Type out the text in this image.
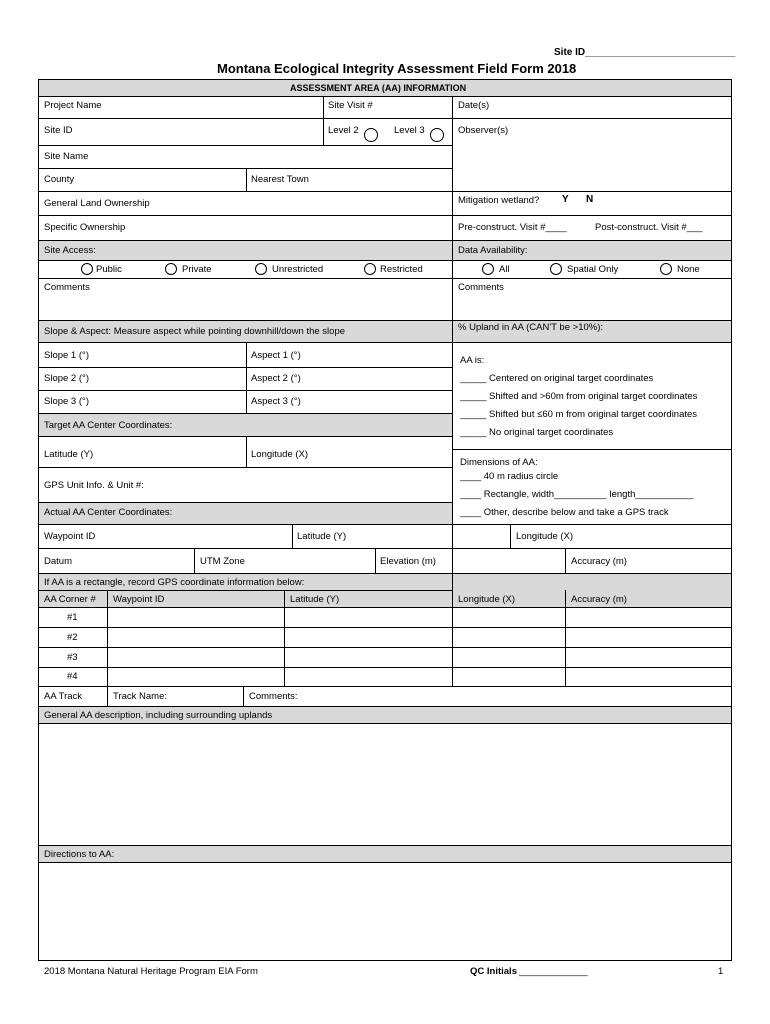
Site ID___________________________
Montana Ecological Integrity Assessment Field Form 2018
ASSESSMENT AREA (AA) INFORMATION
Project Name	Site Visit #	Date(s)
Site ID	Level 2	Level 3	Observer(s)
Site Name
County	Nearest Town
General Land Ownership	Mitigation wetland? Y N
Specific Ownership	Pre-construct. Visit #____	Post-construct. Visit #___
Site Access:	Data Availability:
Public	Private	Unrestricted	Restricted	All	Spatial Only	None
Comments	Comments
Slope & Aspect: Measure aspect while pointing downhill/down the slope	% Upland in AA (CAN'T be >10%):
Slope 1 (°)	Aspect 1 (°)
Slope 2 (°)	Aspect 2 (°)
Slope 3 (°)	Aspect 3 (°)
AA is:
_____ Centered on original target coordinates
_____ Shifted and >60m from original target coordinates
_____ Shifted but ≤60 m from original target coordinates
_____ No original target coordinates
Target AA Center Coordinates:
Latitude (Y)	Longitude (X)
Dimensions of AA:
____ 40 m radius circle
____ Rectangle, width__________ length___________
____ Other, describe below and take a GPS track
GPS Unit Info. & Unit #:
Actual AA Center Coordinates:
Waypoint ID	Latitude (Y)	Longitude (X)
Datum	UTM Zone	Elevation (m)	Accuracy (m)
If AA is a rectangle, record GPS coordinate information below:
AA Corner # Waypoint ID	Latitude (Y)	Longitude (X)	Accuracy (m)
#1
#2
#3
#4
AA Track	Track Name:	Comments:
General AA description, including surrounding uplands
Directions to AA:
2018 Montana Natural Heritage Program EIA Form	QC Initials _____________	1
